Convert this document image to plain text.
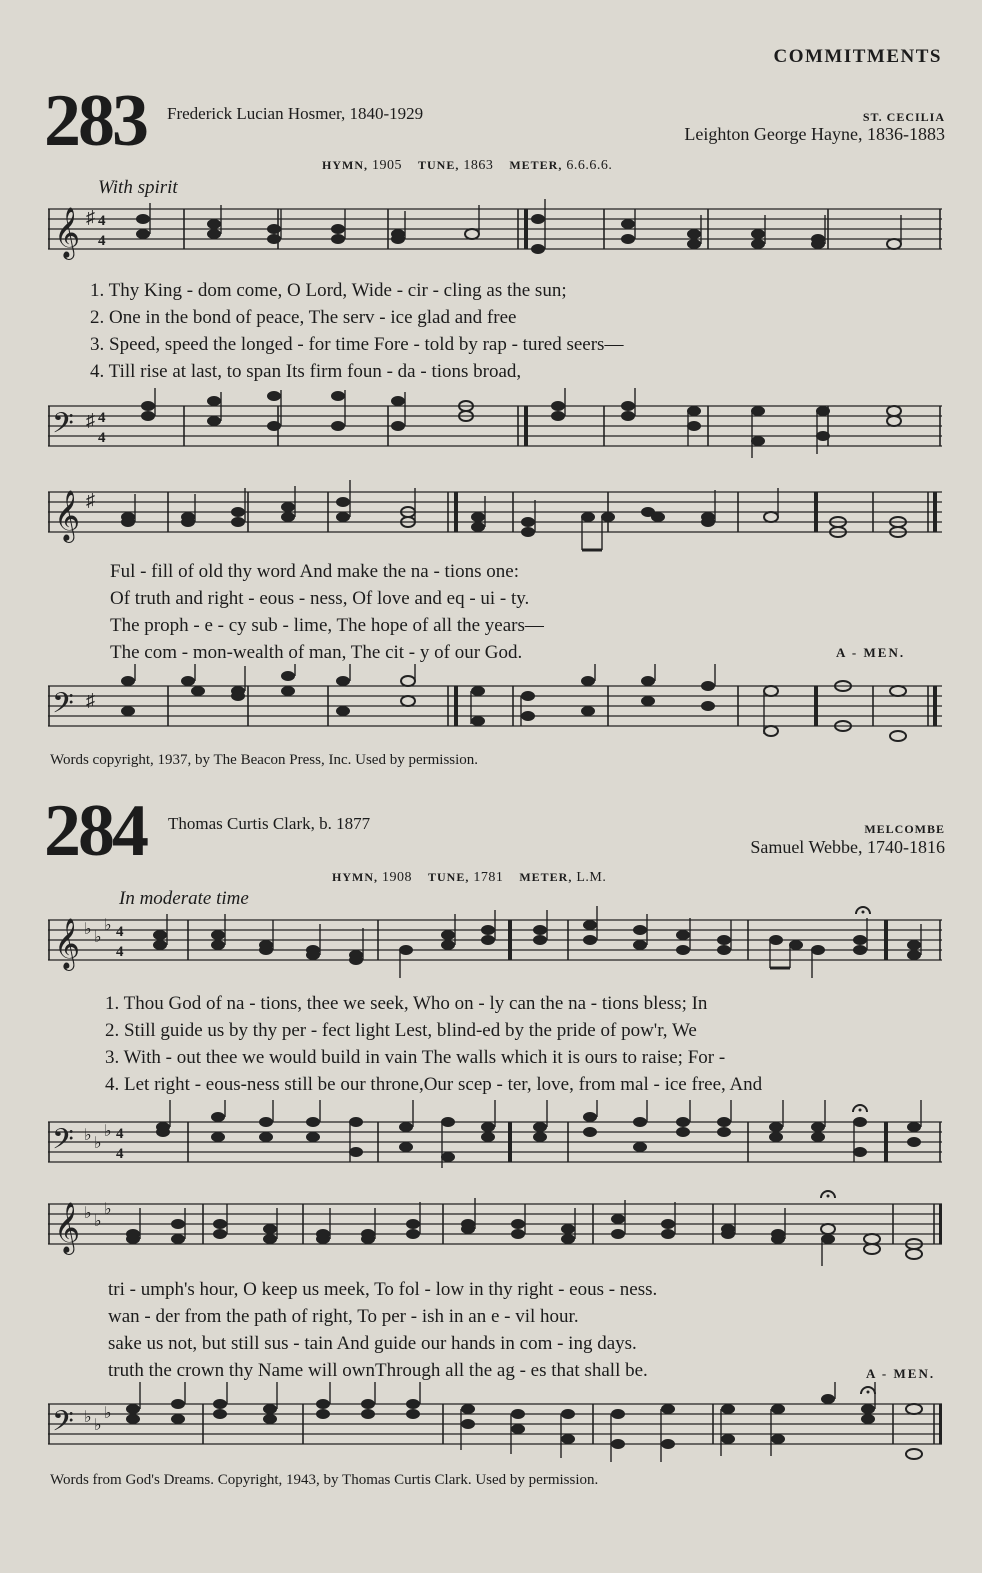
COMMITMENTS
283 Frederick Lucian Hosmer, 1840-1929	ST. CECILIA
Leighton George Hayne, 1836-1883
HYMN, 1905 TUNE, 1863 METER, 6.6.6.6.
With spirit
𝄞 ♯ 4
4
1. Thy King - dom come, O Lord, Wide - cir - cling as the sun;
2. One in the bond of peace, The serv - ice glad and free
3. Speed, speed the longed - for time Fore - told by rap - tured seers—
4. Till rise at last, to span Its firm foun - da - tions broad,
𝄢 ♯ 4
4
𝄞 ♯
Ful - fill of old thy word And make the na - tions one:
Of truth and right - eous - ness, Of love and eq - ui - ty.
The proph - e - cy sub - lime, The hope of all the years—
The com - mon-wealth of man, The cit - y of our God.	A - MEN.
𝄢 ♯
Words copyright, 1937, by The Beacon Press, Inc. Used by permission.
284 Thomas Curtis Clark, b. 1877	MELCOMBE
Samuel Webbe, 1740-1816
HYMN, 1908 TUNE, 1781 METER, L.M.
In moderate time
𝄞 ♭ ♭
♭ 4
4
1. Thou God of na - tions, thee we seek, Who on - ly can the na - tions bless; In
2. Still guide us by thy per - fect light Lest, blind-ed by the pride of pow'r, We
3. With - out thee we would build in vain The walls which it is ours to raise; For -
4. Let right - eous-ness still be our throne,Our scep - ter, love, from mal - ice free, And
𝄢 ♭ ♭
♭ 4
4
𝄞 ♭ ♭
♭
tri - umph's hour, O keep us meek, To fol - low in thy right - eous - ness.
wan - der from the path of right, To per - ish in an e - vil hour.
sake us not, but still sus - tain And guide our hands in com - ing days.
truth the crown thy Name will ownThrough all the ag - es that shall be.	A - MEN.
𝄢 ♭ ♭
♭
Words from God's Dreams. Copyright, 1943, by Thomas Curtis Clark. Used by permission.
